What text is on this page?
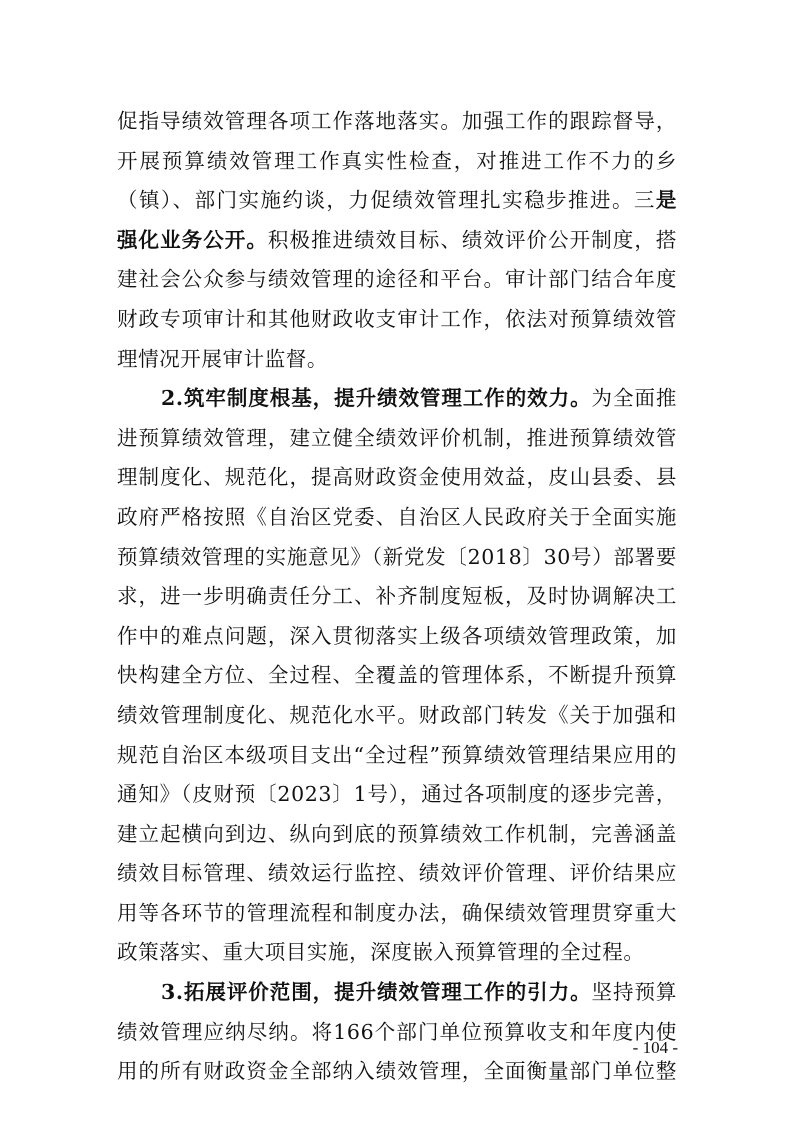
促指导绩效管理各项工作落地落实。加强工作的跟踪督导，
开展预算绩效管理工作真实性检查，对推进工作不力的乡
（镇）、部门实施约谈，力促绩效管理扎实稳步推进。三是
强化业务公开。积极推进绩效目标、绩效评价公开制度，搭
建社会公众参与绩效管理的途径和平台。审计部门结合年度
财政专项审计和其他财政收支审计工作，依法对预算绩效管
理情况开展审计监督。
2.筑牢制度根基，提升绩效管理工作的效力。为全面推
进预算绩效管理，建立健全绩效评价机制，推进预算绩效管
理制度化、规范化，提高财政资金使用效益，皮山县委、县
政府严格按照《自治区党委、自治区人民政府关于全面实施
预算绩效管理的实施意见》（新党发〔2018〕30号）部署要
求，进一步明确责任分工、补齐制度短板，及时协调解决工
作中的难点问题，深入贯彻落实上级各项绩效管理政策，加
快构建全方位、全过程、全覆盖的管理体系，不断提升预算
绩效管理制度化、规范化水平。财政部门转发《关于加强和
规范自治区本级项目支出“全过程”预算绩效管理结果应用的
通知》（皮财预〔2023〕1号），通过各项制度的逐步完善，
建立起横向到边、纵向到底的预算绩效工作机制，完善涵盖
绩效目标管理、绩效运行监控、绩效评价管理、评价结果应
用等各环节的管理流程和制度办法，确保绩效管理贯穿重大
政策落实、重大项目实施，深度嵌入预算管理的全过程。
3.拓展评价范围，提升绩效管理工作的引力。坚持预算
绩效管理应纳尽纳。将166个部门单位预算收支和年度内使
用的所有财政资金全部纳入绩效管理，全面衡量部门单位整
- 104 -
